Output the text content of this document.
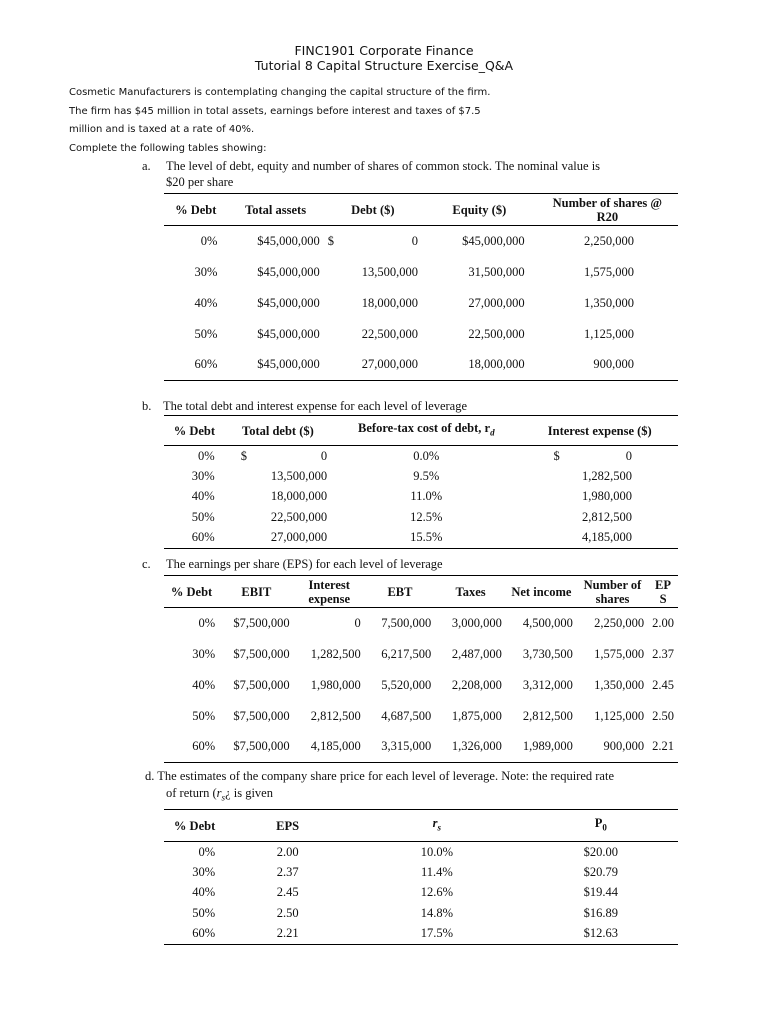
FINC1901 Corporate Finance
Tutorial 8 Capital Structure Exercise_Q&A
Cosmetic Manufacturers is contemplating changing the capital structure of the firm.
The firm has $45 million in total assets, earnings before interest and taxes of $7.5
million and is taxed at a rate of 40%.
Complete the following tables showing:
a. The level of debt, equity and number of shares of common stock. The nominal value is
$20 per share
% Debt	Total assets	Debt ($)	Equity ($)	Number of shares @ R20
0%	$45,000,000	$ 0	$45,000,000	2,250,000
30%	$45,000,000	13,500,000	31,500,000	1,575,000
40%	$45,000,000	18,000,000	27,000,000	1,350,000
50%	$45,000,000	22,500,000	22,500,000	1,125,000
60%	$45,000,000	27,000,000	18,000,000	900,000
b. The total debt and interest expense for each level of leverage
% Debt	Total debt ($)	Before-tax cost of debt, $r_d$	Interest expense ($)
0%	$ 0	0.0%	$ 0

30%	13,500,000	9.5%	1,282,500

40%	18,000,000	11.0%	1,980,000

50%	22,500,000	12.5%	2,812,500

60%	27,000,000	15.5%	4,185,000
c. The earnings per share (EPS) for each level of leverage
% Debt	EBIT	Interest expense	EBT	Taxes	Net income	Number of shares	EPS
0%	$7,500,000	0	7,500,000	3,000,000	4,500,000	2,250,000	2.00
30%	$7,500,000	1,282,500	6,217,500	2,487,000	3,730,500	1,575,000	2.37
40%	$7,500,000	1,980,000	5,520,000	2,208,000	3,312,000	1,350,000	2.45
50%	$7,500,000	2,812,500	4,687,500	1,875,000	2,812,500	1,125,000	2.50
60%	$7,500,000	4,185,000	3,315,000	1,326,000	1,989,000	900,000	2.21
d. The estimates of the company share price for each level of leverage. Note: the required rate
of return ($r_s¿$ is given
% Debt	EPS	$r_s$	$P_0$
0%	2.00	10.0%	$20.00
30%	2.37	11.4%	$20.79
40%	2.45	12.6%	$19.44
50%	2.50	14.8%	$16.89
60%	2.21	17.5%	$12.63
